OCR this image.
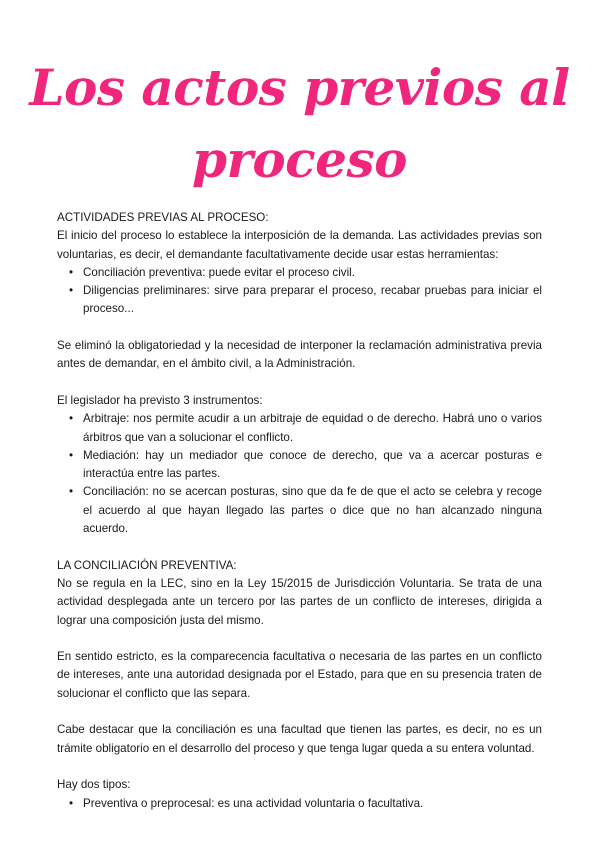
Los actos previos al proceso

ACTIVIDADES PREVIAS AL PROCESO:

El inicio del proceso lo establece la interposición de la demanda. Las actividades previas son voluntarias, es decir, el demandante facultativamente decide usar estas herramientas:

• Conciliación preventiva: puede evitar el proceso civil.
• Diligencias preliminares: sirve para preparar el proceso, recabar pruebas para iniciar el proceso...

Se eliminó la obligatoriedad y la necesidad de interponer la reclamación administrativa previa antes de demandar, en el ámbito civil, a la Administración.

El legislador ha previsto 3 instrumentos:

• Arbitraje: nos permite acudir a un arbitraje de equidad o de derecho. Habrá uno o varios árbitros que van a solucionar el conflicto.
• Mediación: hay un mediador que conoce de derecho, que va a acercar posturas e interactúa entre las partes.
• Conciliación: no se acercan posturas, sino que da fe de que el acto se celebra y recoge el acuerdo al que hayan llegado las partes o dice que no han alcanzado ninguna acuerdo.

LA CONCILIACIÓN PREVENTIVA:

No se regula en la LEC, sino en la Ley 15/2015 de Jurisdicción Voluntaria. Se trata de una actividad desplegada ante un tercero por las partes de un conflicto de intereses, dirigida a lograr una composición justa del mismo.

En sentido estricto, es la comparecencia facultativa o necesaria de las partes en un conflicto de intereses, ante una autoridad designada por el Estado, para que en su presencia traten de solucionar el conflicto que las separa.

Cabe destacar que la conciliación es una facultad que tienen las partes, es decir, no es un trámite obligatorio en el desarrollo del proceso y que tenga lugar queda a su entera voluntad.

Hay dos tipos:

• Preventiva o preprocesal: es una actividad voluntaria o facultativa.
